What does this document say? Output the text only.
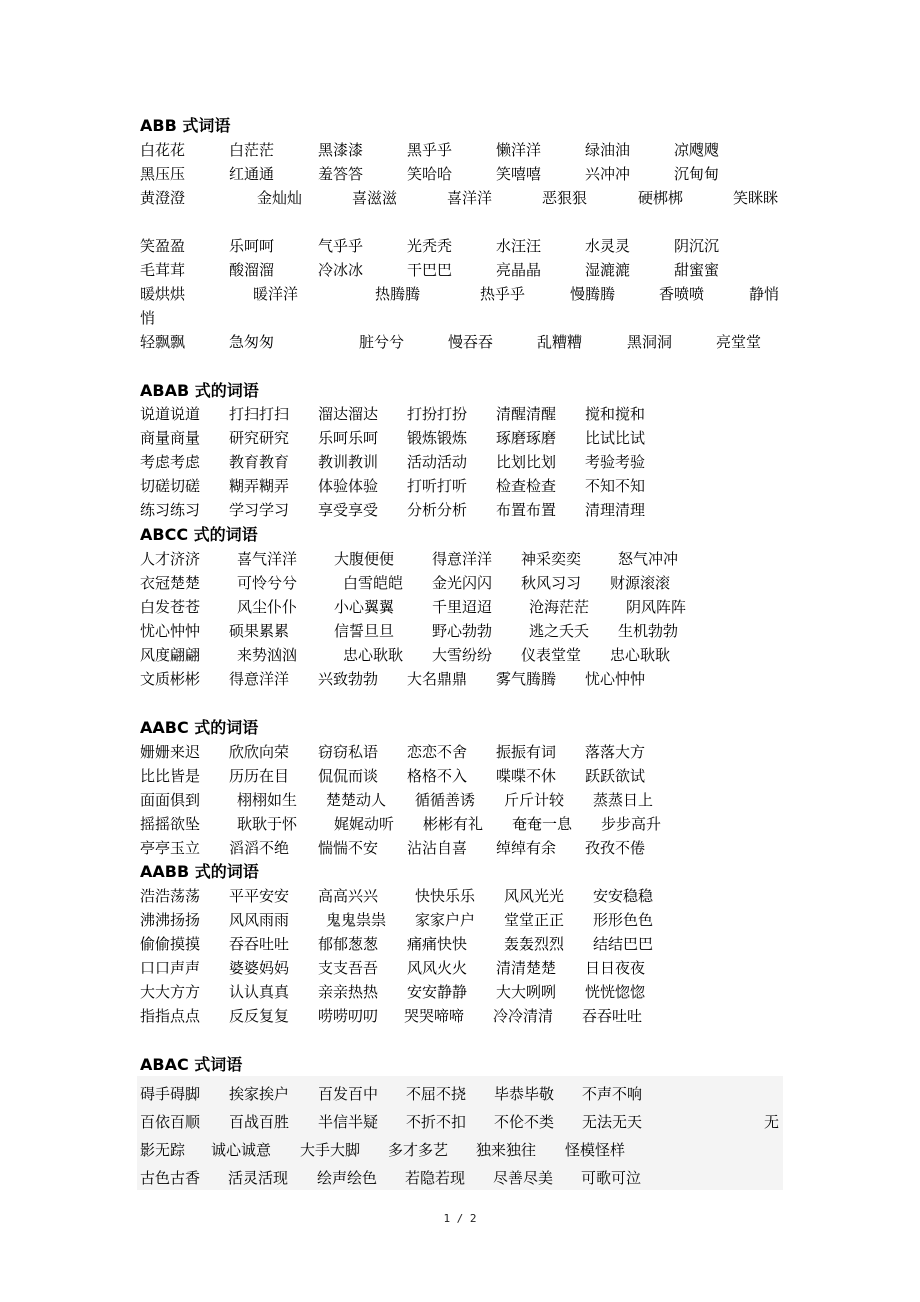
ABB 式词语
白花花	白茫茫	黑漆漆	黑乎乎	懒洋洋	绿油油	凉飕飕
黑压压	红通通	羞答答	笑哈哈	笑嘻嘻	兴冲冲	沉甸甸
黄澄澄	金灿灿	喜滋滋	喜洋洋	恶狠狠	硬梆梆	笑眯眯
笑盈盈	乐呵呵	气乎乎	光秃秃	水汪汪	水灵灵	阴沉沉
毛茸茸	酸溜溜	冷冰冰	干巴巴	亮晶晶	湿漉漉	甜蜜蜜
暖烘烘	暖洋洋	热腾腾	热乎乎	慢腾腾	香喷喷	静悄
悄
轻飘飘	急匆匆	脏兮兮	慢吞吞	乱糟糟	黑洞洞	亮堂堂
ABAB 式的词语
说道说道 打扫打扫 溜达溜达 打扮打扮 清醒清醒 搅和搅和
商量商量 研究研究 乐呵乐呵 锻炼锻炼 琢磨琢磨 比试比试
考虑考虑 教育教育 教训教训 活动活动 比划比划 考验考验
切磋切磋 糊弄糊弄 体验体验 打听打听 检查检查 不知不知
练习练习 学习学习 享受享受 分析分析 布置布置 清理清理
ABCC 式的词语
人才济济 喜气洋洋 大腹便便	得意洋洋 神采奕奕 怒气冲冲
衣冠楚楚 可怜兮兮	白雪皑皑 金光闪闪 秋风习习 财源滚滚
白发苍苍 风尘仆仆 小心翼翼	千里迢迢 沧海茫茫 阴风阵阵
忧心忡忡 硕果累累	信誓旦旦	野心勃勃 逃之夭夭 生机勃勃
风度翩翩 来势汹汹	忠心耿耿 大雪纷纷 仪表堂堂 忠心耿耿
文质彬彬 得意洋洋 兴致勃勃 大名鼎鼎 雾气腾腾 忧心忡忡
AABC 式的词语
姗姗来迟 欣欣向荣 窃窃私语 恋恋不舍 振振有词 落落大方
比比皆是 历历在目 侃侃而谈 格格不入 喋喋不休 跃跃欲试
面面俱到 栩栩如生 楚楚动人 循循善诱 斤斤计较 蒸蒸日上
摇摇欲坠 耿耿于怀 娓娓动听 彬彬有礼 奄奄一息 步步高升
亭亭玉立 滔滔不绝 惴惴不安 沾沾自喜 绰绰有余 孜孜不倦
AABB 式的词语
浩浩荡荡 平平安安 高高兴兴 快快乐乐 风风光光 安安稳稳
沸沸扬扬 风风雨雨 鬼鬼祟祟 家家户户 堂堂正正 形形色色
偷偷摸摸 吞吞吐吐 郁郁葱葱 痛痛快快 轰轰烈烈 结结巴巴
口口声声 婆婆妈妈 支支吾吾 风风火火 清清楚楚 日日夜夜
大大方方 认认真真 亲亲热热 安安静静 大大咧咧 恍恍惚惚
指指点点 反反复复 唠唠叨叨 哭哭啼啼 冷冷清清 吞吞吐吐
ABAC 式词语
碍手碍脚 挨家挨户 百发百中 不屈不挠 毕恭毕敬 不声不响
百依百顺 百战百胜 半信半疑 不折不扣 不伦不类 无法无天	无
影无踪 诚心诚意 大手大脚 多才多艺 独来独往 怪模怪样
古色古香 活灵活现 绘声绘色 若隐若现 尽善尽美 可歌可泣
1 / 2
